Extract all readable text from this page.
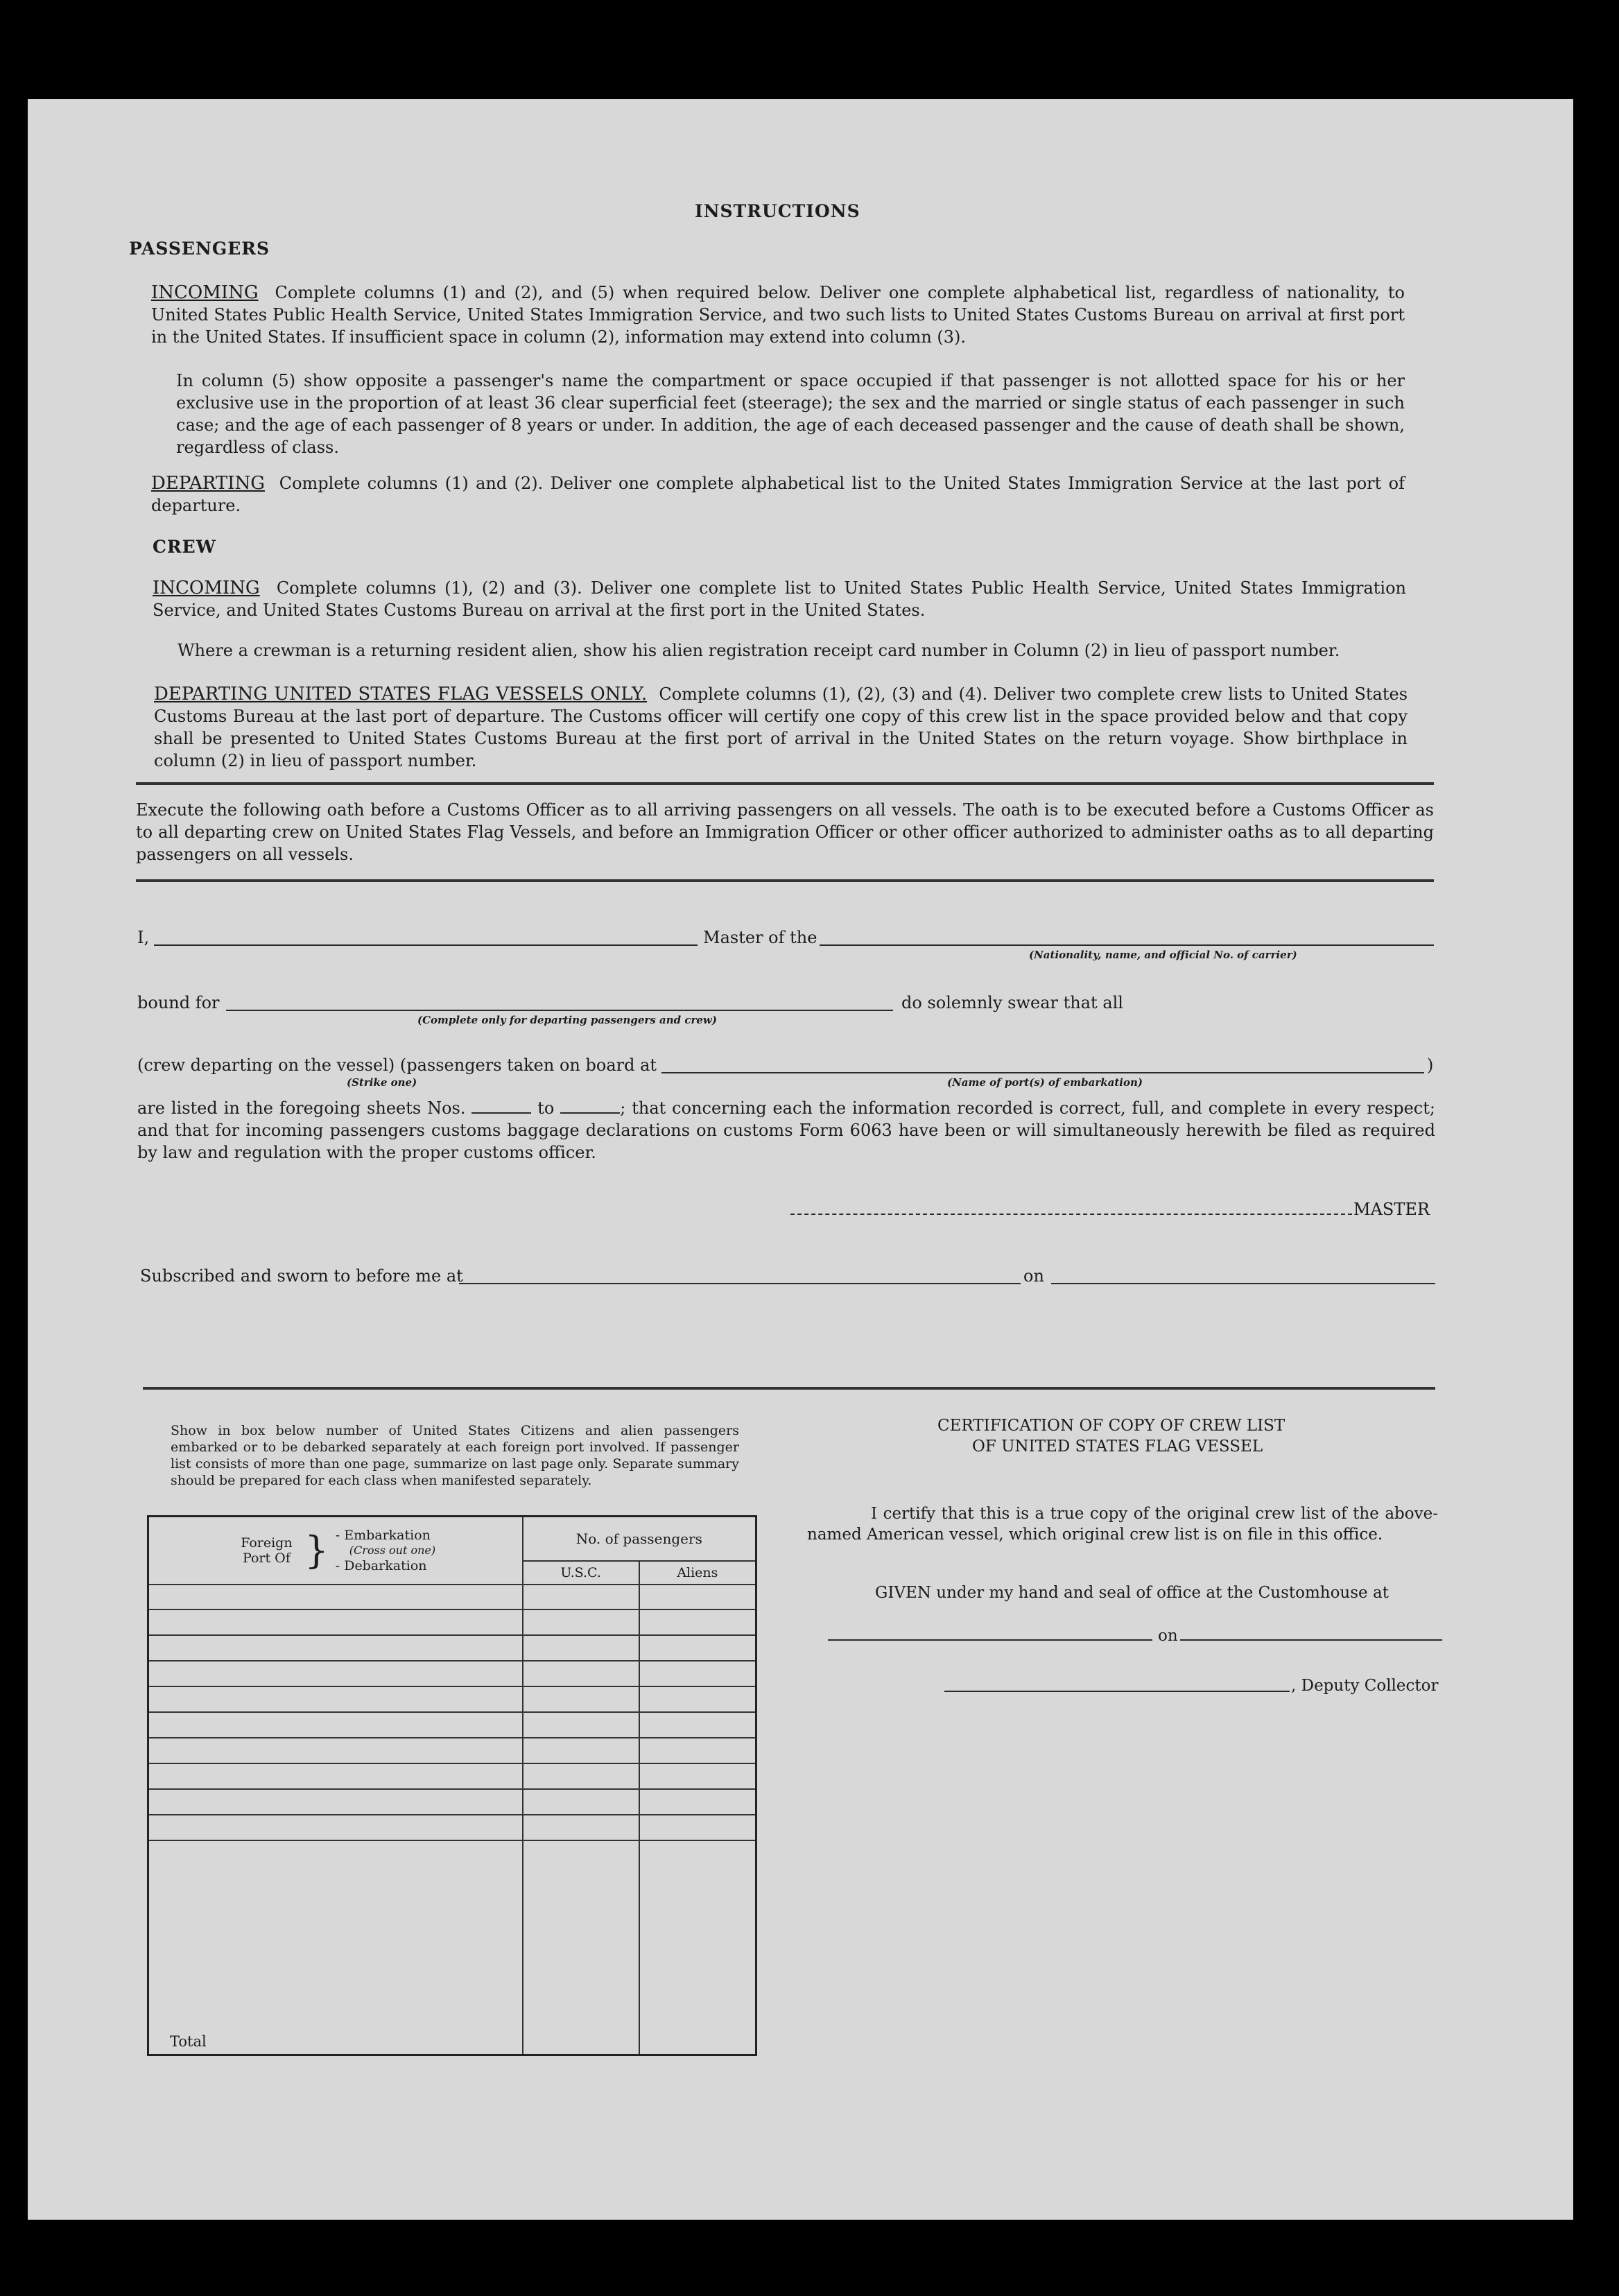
INSTRUCTIONS
PASSENGERS
INCOMING Complete columns (1) and (2), and (5) when required below. Deliver one complete alphabetical list, regardless of nationality, to United States Public Health Service, United States Immigration Service, and two such lists to United States Customs Bureau on arrival at first port in the United States. If insufficient space in column (2), information may extend into column (3).
In column (5) show opposite a passenger's name the compartment or space occupied if that passenger is not allotted space for his or her exclusive use in the proportion of at least 36 clear superficial feet (steerage); the sex and the married or single status of each passenger in such case; and the age of each passenger of 8 years or under. In addition, the age of each deceased passenger and the cause of death shall be shown, regardless of class.
DEPARTING Complete columns (1) and (2). Deliver one complete alphabetical list to the United States Immigration Service at the last port of departure.
CREW
INCOMING Complete columns (1), (2) and (3). Deliver one complete list to United States Public Health Service, United States Immigration Service, and United States Customs Bureau on arrival at the first port in the United States.
Where a crewman is a returning resident alien, show his alien registration receipt card number in Column (2) in lieu of passport number.
DEPARTING UNITED STATES FLAG VESSELS ONLY. Complete columns (1), (2), (3) and (4). Deliver two complete crew lists to United States Customs Bureau at the last port of departure. The Customs officer will certify one copy of this crew list in the space provided below and that copy shall be presented to United States Customs Bureau at the first port of arrival in the United States on the return voyage. Show birthplace in column (2) in lieu of passport number.
Execute the following oath before a Customs Officer as to all arriving passengers on all vessels. The oath is to be executed before a Customs Officer as to all departing crew on United States Flag Vessels, and before an Immigration Officer or other officer authorized to administer oaths as to all departing passengers on all vessels.
I,	Master of the
(Nationality, name, and official No. of carrier)
bound for
(Complete only for departing passengers and crew)
do solemnly swear that all
(crew departing on the vessel) (passengers taken on board at
(Strike one)
)
(Name of port(s) of embarkation)
are listed in the foregoing sheets Nos.	to	; that concerning each the information recorded is correct, full, and complete in every respect; and that for incoming passengers customs baggage declarations on customs Form 6063 have been or will simultaneously herewith be filed as required by law and regulation with the proper customs officer.
MASTER
Subscribed and sworn to before me at	on
Show in box below number of United States Citizens and alien passengers embarked or to be debarked separately at each foreign port involved. If passenger list consists of more than one page, summarize on last page only. Separate summary should be prepared for each class when manifested separately.
Foreign Port Of } - Embarkation
(Cross out one)
- Debarkation	No. of passengers	
	U.S.C.	Aliens

Total		
CERTIFICATION OF COPY OF CREW LIST
OF UNITED STATES FLAG VESSEL
I certify that this is a true copy of the original crew list of the above-named American vessel, which original crew list is on file in this office.
GIVEN under my hand and seal of office at the Customhouse at
on
, Deputy Collector
